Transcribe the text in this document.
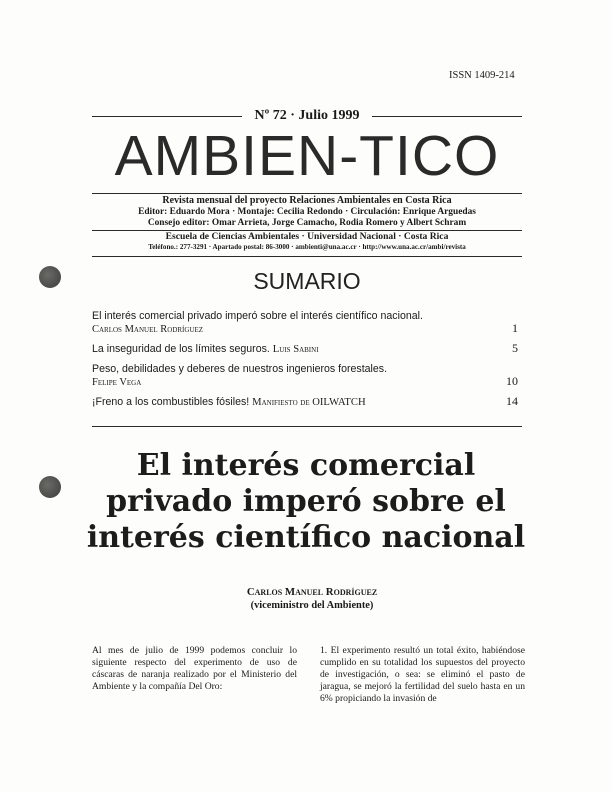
ISSN 1409-214
Nº 72 · Julio 1999
AMBIEN-TICO
Revista mensual del proyecto Relaciones Ambientales en Costa Rica
Editor: Eduardo Mora · Montaje: Cecilia Redondo · Circulación: Enrique Arguedas
Consejo editor: Omar Arrieta, Jorge Camacho, Rodia Romero y Albert Schram
Escuela de Ciencias Ambientales · Universidad Nacional · Costa Rica
Teléfono.: 277-3291 · Apartado postal: 86-3000 · ambienti@una.ac.cr · http://www.una.ac.cr/ambi/revista
SUMARIO
El interés comercial privado imperó sobre el interés científico nacional.
Carlos Manuel Rodríguez	1
La inseguridad de los límites seguros. Luis Sabini	5
Peso, debilidades y deberes de nuestros ingenieros forestales.
Felipe Vega	10
¡Freno a los combustibles fósiles! Manifiesto de OILWATCH	14
El interés comercial
privado imperó sobre el
interés científico nacional
Carlos Manuel Rodríguez
(viceministro del Ambiente)
Al mes de julio de 1999 podemos concluir lo siguiente respecto del experimento de uso de cáscaras de naranja realizado por el Ministerio del Ambiente y la compañía Del Oro:
1. El experimento resultó un total éxito, habiéndose cumplido en su totalidad los supuestos del proyecto de investigación, o sea: se eliminó el pasto de jaragua, se mejoró la fertilidad del suelo hasta en un 6% propiciando la invasión de
